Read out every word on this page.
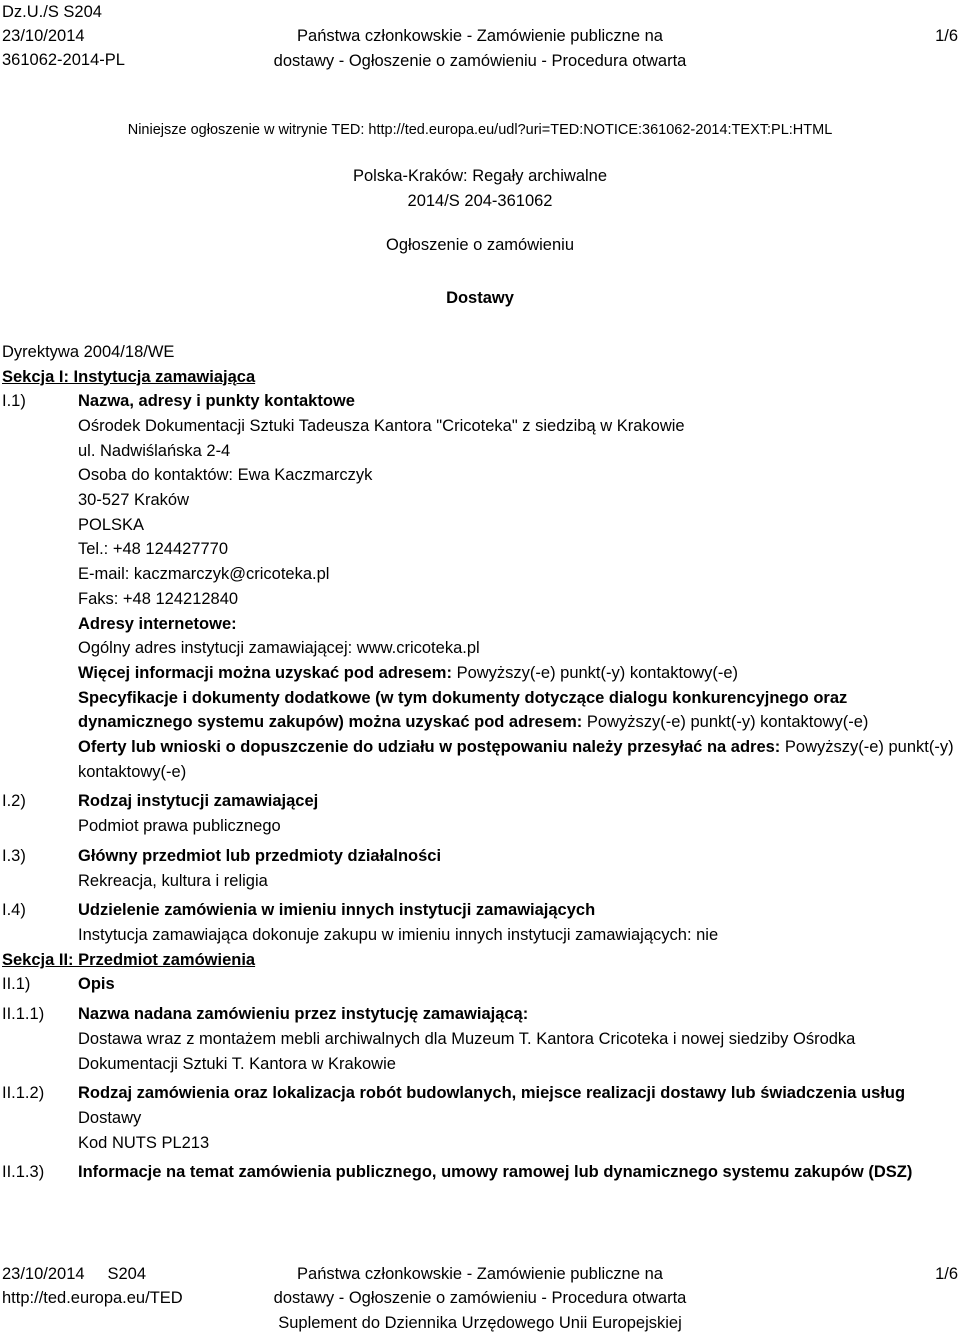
Dz.U./S S204
23/10/2014
361062-2014-PL
Państwa członkowskie - Zamówienie publiczne na
dostawy - Ogłoszenie o zamówieniu - Procedura otwarta
1/6
Niniejsze ogłoszenie w witrynie TED: http://ted.europa.eu/udl?uri=TED:NOTICE:361062-2014:TEXT:PL:HTML
Polska-Kraków: Regały archiwalne
2014/S 204-361062
Ogłoszenie o zamówieniu
Dostawy
Dyrektywa 2004/18/WE
Sekcja I: Instytucja zamawiająca
I.1)	Nazwa, adresy i punkty kontaktowe
Ośrodek Dokumentacji Sztuki Tadeusza Kantora "Cricoteka" z siedzibą w Krakowie
ul. Nadwiślańska 2-4
Osoba do kontaktów: Ewa Kaczmarczyk
30-527 Kraków
POLSKA
Tel.: +48 124427770
E-mail: kaczmarczyk@cricoteka.pl
Faks: +48 124212840
Adresy internetowe:
Ogólny adres instytucji zamawiającej: www.cricoteka.pl
Więcej informacji można uzyskać pod adresem: Powyższy(-e) punkt(-y) kontaktowy(-e)
Specyfikacje i dokumenty dodatkowe (w tym dokumenty dotyczące dialogu konkurencyjnego oraz dynamicznego systemu zakupów) można uzyskać pod adresem: Powyższy(-e) punkt(-y) kontaktowy(-e)
Oferty lub wnioski o dopuszczenie do udziału w postępowaniu należy przesyłać na adres: Powyższy(-e) punkt(-y) kontaktowy(-e)
I.2)	Rodzaj instytucji zamawiającej
Podmiot prawa publicznego
I.3)	Główny przedmiot lub przedmioty działalności
Rekreacja, kultura i religia
I.4)	Udzielenie zamówienia w imieniu innych instytucji zamawiających
Instytucja zamawiająca dokonuje zakupu w imieniu innych instytucji zamawiających: nie
Sekcja II: Przedmiot zamówienia
II.1)	Opis
II.1.1)	Nazwa nadana zamówieniu przez instytucję zamawiającą:
Dostawa wraz z montażem mebli archiwalnych dla Muzeum T. Kantora Cricoteka i nowej siedziby Ośrodka Dokumentacji Sztuki T. Kantora w Krakowie
II.1.2)	Rodzaj zamówienia oraz lokalizacja robót budowlanych, miejsce realizacji dostawy lub świadczenia usług
Dostawy
Kod NUTS PL213
II.1.3)	Informacje na temat zamówienia publicznego, umowy ramowej lub dynamicznego systemu zakupów (DSZ)
23/10/2014     S204
http://ted.europa.eu/TED
Państwa członkowskie - Zamówienie publiczne na
dostawy - Ogłoszenie o zamówieniu - Procedura otwarta
Suplement do Dziennika Urzędowego Unii Europejskiej
1/6
